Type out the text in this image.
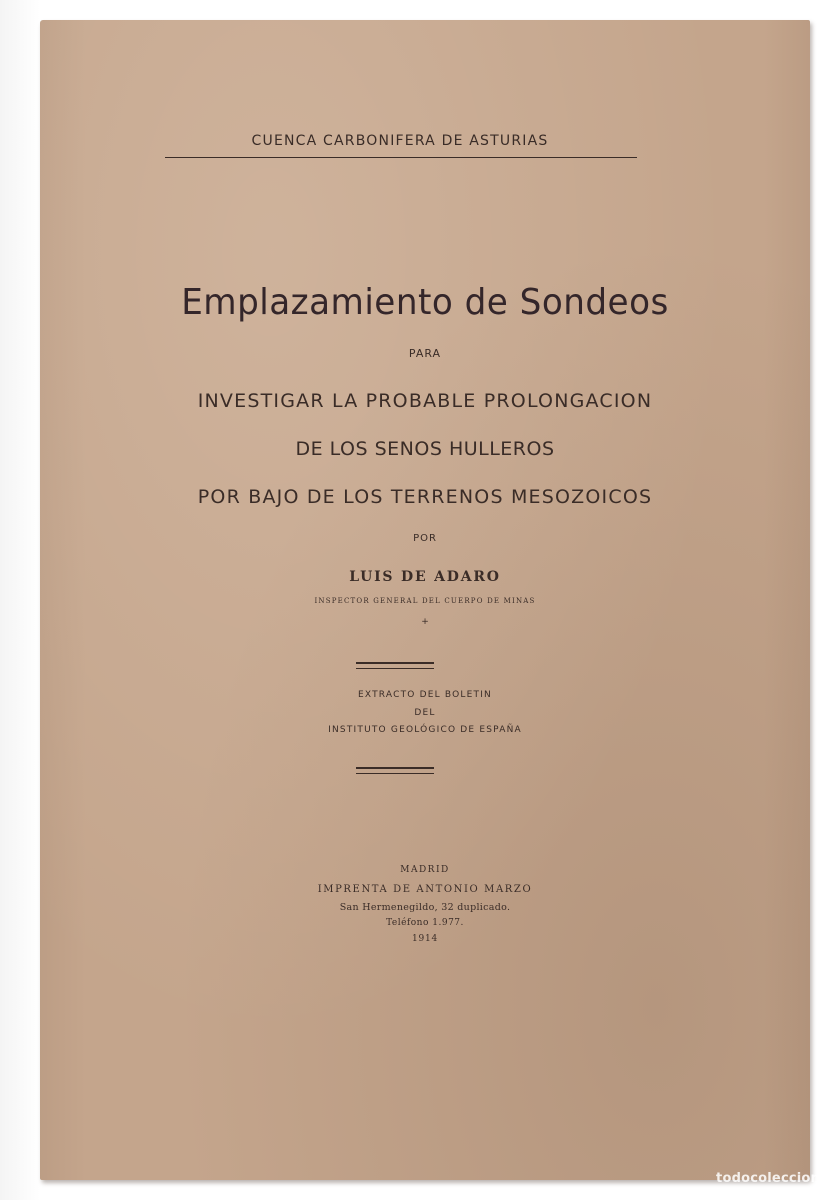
CUENCA CARBONIFERA DE ASTURIAS
Emplazamiento de Sondeos
PARA
INVESTIGAR LA PROBABLE PROLONGACION
DE LOS SENOS HULLEROS
POR BAJO DE LOS TERRENOS MESOZOICOS
POR
LUIS DE ADARO
INSPECTOR GENERAL DEL CUERPO DE MINAS
+
EXTRACTO DEL BOLETIN
DEL
INSTITUTO GEOLÓGICO DE ESPAÑA
MADRID
IMPRENTA DE ANTONIO MARZO
San Hermenegildo, 32 duplicado.
Teléfono 1.977.
1914
todocoleccion
